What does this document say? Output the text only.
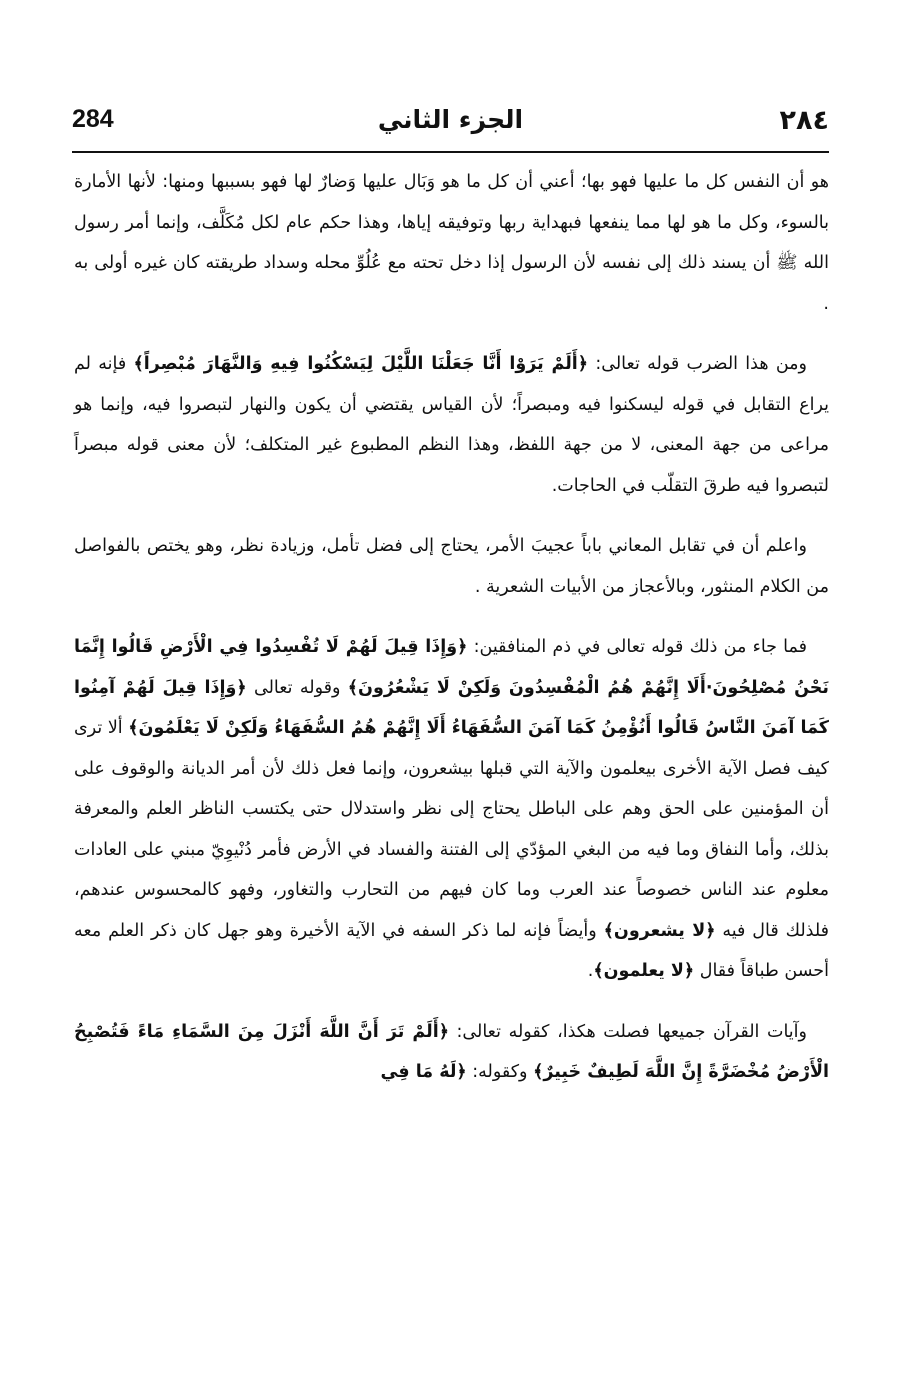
284	الجزء الثاني	٢٨٤

هو أن النفس كل ما عليها فهو بها؛ أعني أن كل ما هو وَبَال عليها وَضارٌ لها فهو بسببها ومنها: لأنها الأمارة بالسوء، وكل ما هو لها مما ينفعها فبهداية ربها وتوفيقه إياها، وهذا حكم عام لكل مُكَلَّف، وإنما أمر رسول الله ﷺ أن يسند ذلك إلى نفسه لأن الرسول إذا دخل تحته مع عُلُوِّ محله وسداد طريقته كان غيره أولى به .

ومن هذا الضرب قوله تعالى: ﴿أَلَمْ يَرَوْا أَنَّا جَعَلْنَا اللَّيْلَ لِيَسْكُنُوا فِيهِ وَالنَّهَارَ مُبْصِراً﴾ فإنه لم يراع التقابل في قوله ليسكنوا فيه ومبصراً؛ لأن القياس يقتضي أن يكون والنهار لتبصروا فيه، وإنما هو مراعى من جهة المعنى، لا من جهة اللفظ، وهذا النظم المطبوع غير المتكلف؛ لأن معنى قوله مبصراً لتبصروا فيه طرقَ التقلّب في الحاجات.

واعلم أن في تقابل المعاني باباً عجيبَ الأمر، يحتاج إلى فضل تأمل، وزيادة نظر، وهو يختص بالفواصل من الكلام المنثور، وبالأعجاز من الأبيات الشعرية .

فما جاء من ذلك قوله تعالى في ذم المنافقين: ﴿وَإِذَا قِيلَ لَهُمْ لَا تُفْسِدُوا فِي الْأَرْضِ قَالُوا إِنَّمَا نَحْنُ مُصْلِحُونَ·أَلَا إِنَّهُمْ هُمُ الْمُفْسِدُونَ وَلَكِنْ لَا يَشْعُرُونَ﴾ وقوله تعالى ﴿وَإِذَا قِيلَ لَهُمْ آمِنُوا كَمَا آمَنَ النَّاسُ قَالُوا أَنُؤْمِنُ كَمَا آمَنَ السُّفَهَاءُ أَلَا إِنَّهُمْ هُمُ السُّفَهَاءُ وَلَكِنْ لَا يَعْلَمُونَ﴾ ألا ترى كيف فصل الآية الأخرى بيعلمون والآية التي قبلها بيشعرون، وإنما فعل ذلك لأن أمر الديانة والوقوف على أن المؤمنين على الحق وهم على الباطل يحتاج إلى نظر واستدلال حتى يكتسب الناظر العلم والمعرفة بذلك، وأما النفاق وما فيه من البغي المؤدّي إلى الفتنة والفساد في الأرض فأمر دُنْيوِيّ مبني على العادات معلوم عند الناس خصوصاً عند العرب وما كان فيهم من التحارب والتغاور، وفهو كالمحسوس عندهم، فلذلك قال فيه ﴿لا يشعرون﴾ وأيضاً فإنه لما ذكر السفه في الآية الأخيرة وهو جهل كان ذكر العلم معه أحسن طباقاً فقال ﴿لا يعلمون﴾.

وآيات القرآن جميعها فصلت هكذا، كقوله تعالى: ﴿أَلَمْ تَرَ أَنَّ اللَّهَ أَنْزَلَ مِنَ السَّمَاءِ مَاءً فَتُصْبِحُ الْأَرْضُ مُخْضَرَّةً إِنَّ اللَّهَ لَطِيفٌ خَبِيرٌ﴾ وكقوله: ﴿لَهُ مَا فِي
